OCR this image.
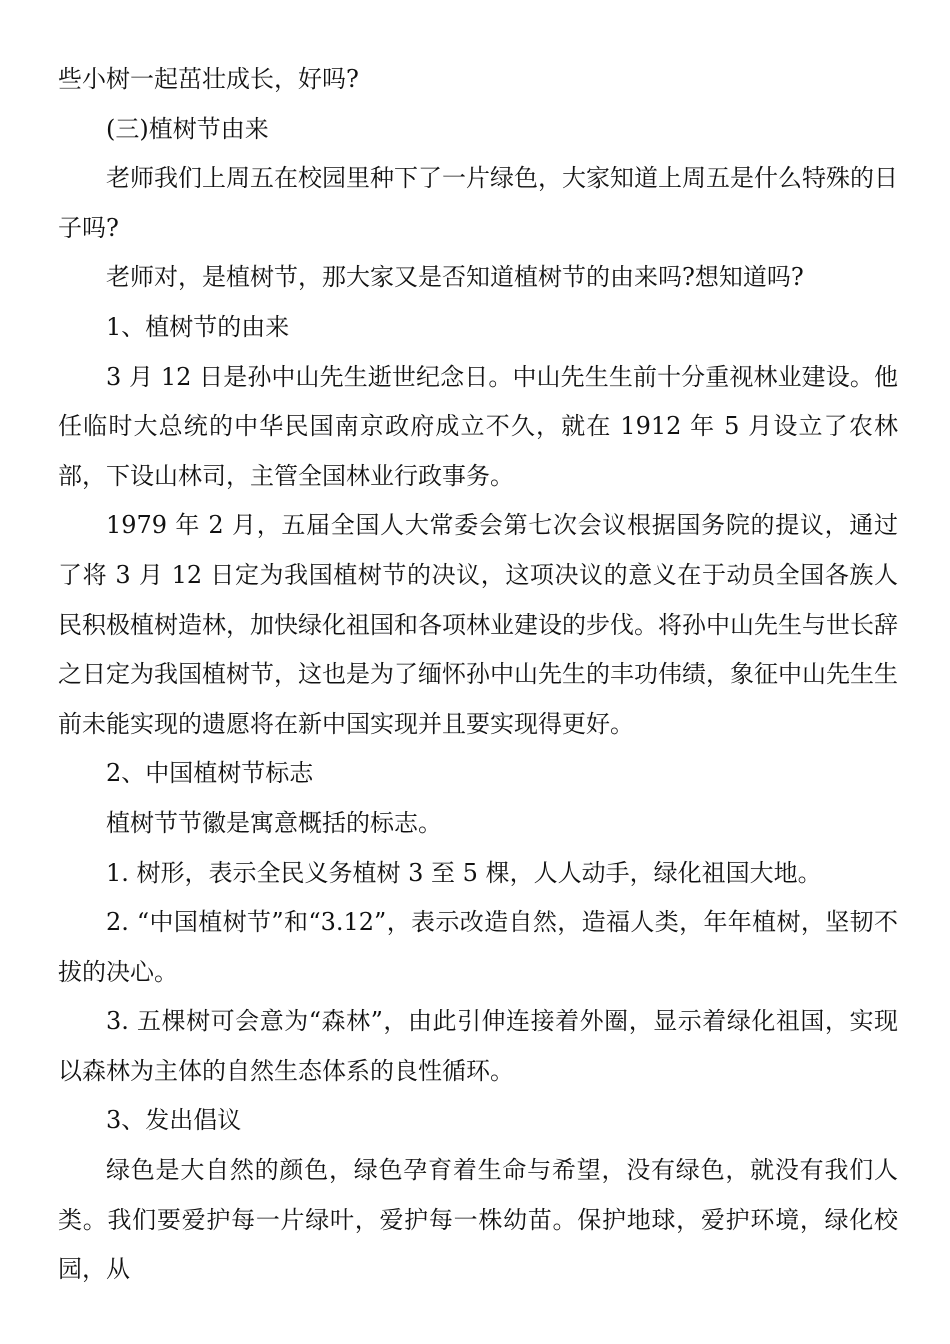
些小树一起茁壮成长，好吗?

(三)植树节由来

老师我们上周五在校园里种下了一片绿色，大家知道上周五是什么特殊的日子吗?

老师对，是植树节，那大家又是否知道植树节的由来吗?想知道吗?

1、植树节的由来

3 月 12 日是孙中山先生逝世纪念日。中山先生生前十分重视林业建设。他任临时大总统的中华民国南京政府成立不久，就在 1912 年 5 月设立了农林部，下设山林司，主管全国林业行政事务。

1979 年 2 月，五届全国人大常委会第七次会议根据国务院的提议，通过了将 3 月 12 日定为我国植树节的决议，这项决议的意义在于动员全国各族人民积极植树造林，加快绿化祖国和各项林业建设的步伐。将孙中山先生与世长辞之日定为我国植树节，这也是为了缅怀孙中山先生的丰功伟绩，象征中山先生生前未能实现的遗愿将在新中国实现并且要实现得更好。

2、中国植树节标志

植树节节徽是寓意概括的标志。

1. 树形，表示全民义务植树 3 至 5 棵，人人动手，绿化祖国大地。

2. “中国植树节”和“3.12”，表示改造自然，造福人类，年年植树，坚韧不拔的决心。

3. 五棵树可会意为“森林”，由此引伸连接着外圈，显示着绿化祖国，实现以森林为主体的自然生态体系的良性循环。

3、发出倡议

绿色是大自然的颜色，绿色孕育着生命与希望，没有绿色，就没有我们人类。我们要爱护每一片绿叶，爱护每一株幼苗。保护地球，爱护环境，绿化校园，从
